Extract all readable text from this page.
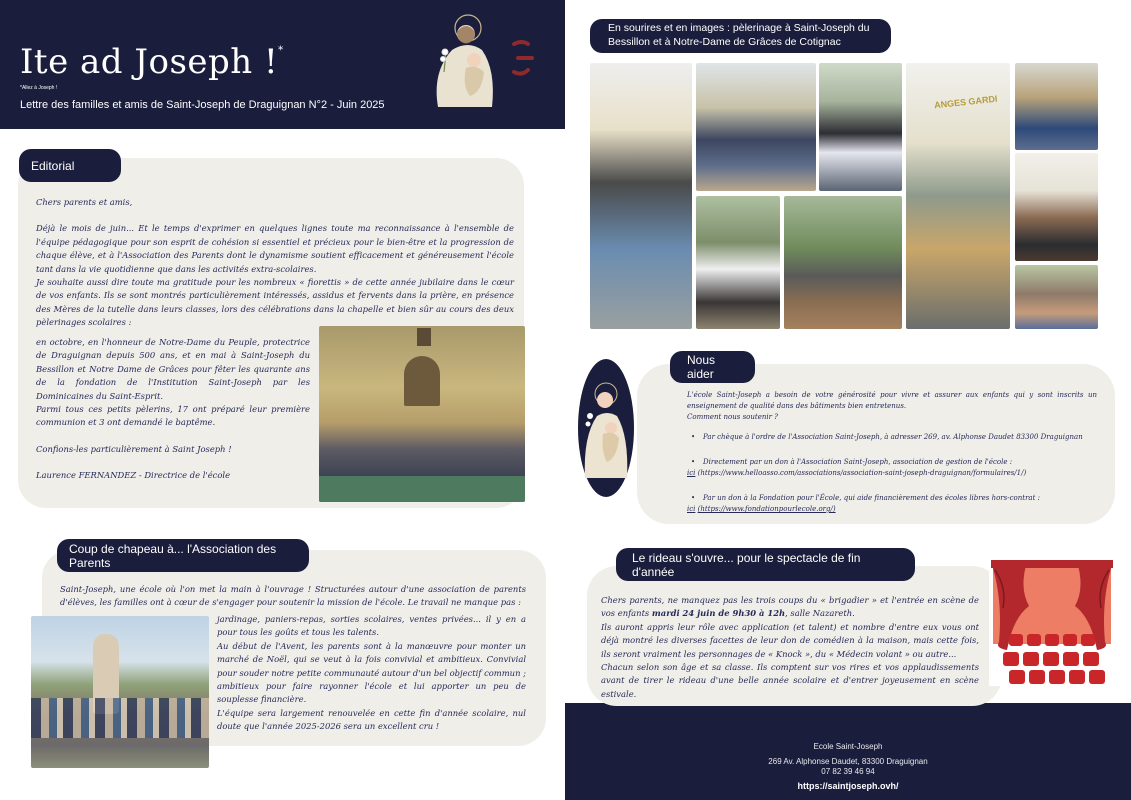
Ite ad Joseph !*
*Allez à Joseph !
Lettre des familles et amis de Saint-Joseph de Draguignan N°2 - Juin 2025
Editorial

Chers parents et amis,

Déjà le mois de juin... Et le temps d'exprimer en quelques lignes toute ma reconnaissance à l'ensemble de l'équipe pédagogique pour son esprit de cohésion si essentiel et précieux pour le bien-être et la progression de chaque élève, et à l'Association des Parents dont le dynamisme soutient efficacement et généreusement l'école tant dans la vie quotidienne que dans les activités extra-scolaires.

Je souhaite aussi dire toute ma gratitude pour les nombreux « fiorettis » de cette année jubilaire dans le cœur de vos enfants. Ils se sont montrés particulièrement intéressés, assidus et fervents dans la prière, en présence des Mères de la tutelle dans leurs classes, lors des célébrations dans la chapelle et bien sûr au cours des deux pèlerinages scolaires :

en octobre, en l'honneur de Notre-Dame du Peuple, protectrice de Draguignan depuis 500 ans, et en mai à Saint-Joseph du Bessillon et Notre Dame de Grâces pour fêter les quarante ans de la fondation de l'Institution Saint-Joseph par les Dominicaines du Saint-Esprit.

Parmi tous ces petits pèlerins, 17 ont préparé leur première communion et 3 ont demandé le baptême.

Confions-les particulièrement à Saint Joseph !

Laurence FERNANDEZ - Directrice de l'école

Coup de chapeau à... l'Association des Parents

Saint-Joseph, une école où l'on met la main à l'ouvrage ! Structurées autour d'une association de parents d'élèves, les familles ont à cœur de s'engager pour soutenir la mission de l'école. Le travail ne manque pas :

jardinage, paniers-repas, sorties scolaires, ventes privées... il y en a pour tous les goûts et tous les talents.

Au début de l'Avent, les parents sont à la manœuvre pour monter un marché de Noël, qui se veut à la fois convivial et ambitieux. Convivial pour souder notre petite communauté autour d'un bel objectif commun ; ambitieux pour faire rayonner l'école et lui apporter un peu de souplesse financière.

L'équipe sera largement renouvelée en cette fin d'année scolaire, nul doute que l'année 2025-2026 sera un excellent cru !

En sourires et en images : pèlerinage à Saint-Joseph du
Bessillon et à Notre-Dame de Grâces de Cotignac
ANGES GARDI
Nous aider

L'école Saint-Joseph a besoin de votre générosité pour vivre et assurer aux enfants qui y sont inscrits un enseignement de qualité dans des bâtiments bien entretenus.

Comment nous soutenir ?

• Par chèque à l'ordre de l'Association Saint-Joseph, à adresser 269, av. Alphonse Daudet 83300 Draguignan
• Directement par un don à l'Association Saint-Joseph, association de gestion de l'école :
ici (https://www.helloasso.com/associations/association-saint-joseph-draguignan/formulaires/1/)
• Par un don à la Fondation pour l'École, qui aide financièrement des écoles libres hors-contrat :
ici (https://www.fondationpourlecole.org/)
Ecole Saint-Joseph
269 Av. Alphonse Daudet, 83300 Draguignan
07 82 39 46 94
https://saintjoseph.ovh/
Le rideau s'ouvre... pour le spectacle de fin d'année

Chers parents, ne manquez pas les trois coups du « brigadier » et l'entrée en scène de vos enfants mardi 24 juin de 9h30 à 12h, salle Nazareth.

Ils auront appris leur rôle avec application (et talent) et nombre d'entre eux vous ont déjà montré les diverses facettes de leur don de comédien à la maison, mais cette fois, ils seront vraiment les personnages de « Knock », du « Médecin volant » ou autre...

Chacun selon son âge et sa classe. Ils comptent sur vos rires et vos applaudissements avant de tirer le rideau d'une belle année scolaire et d'entrer joyeusement en scène estivale.
